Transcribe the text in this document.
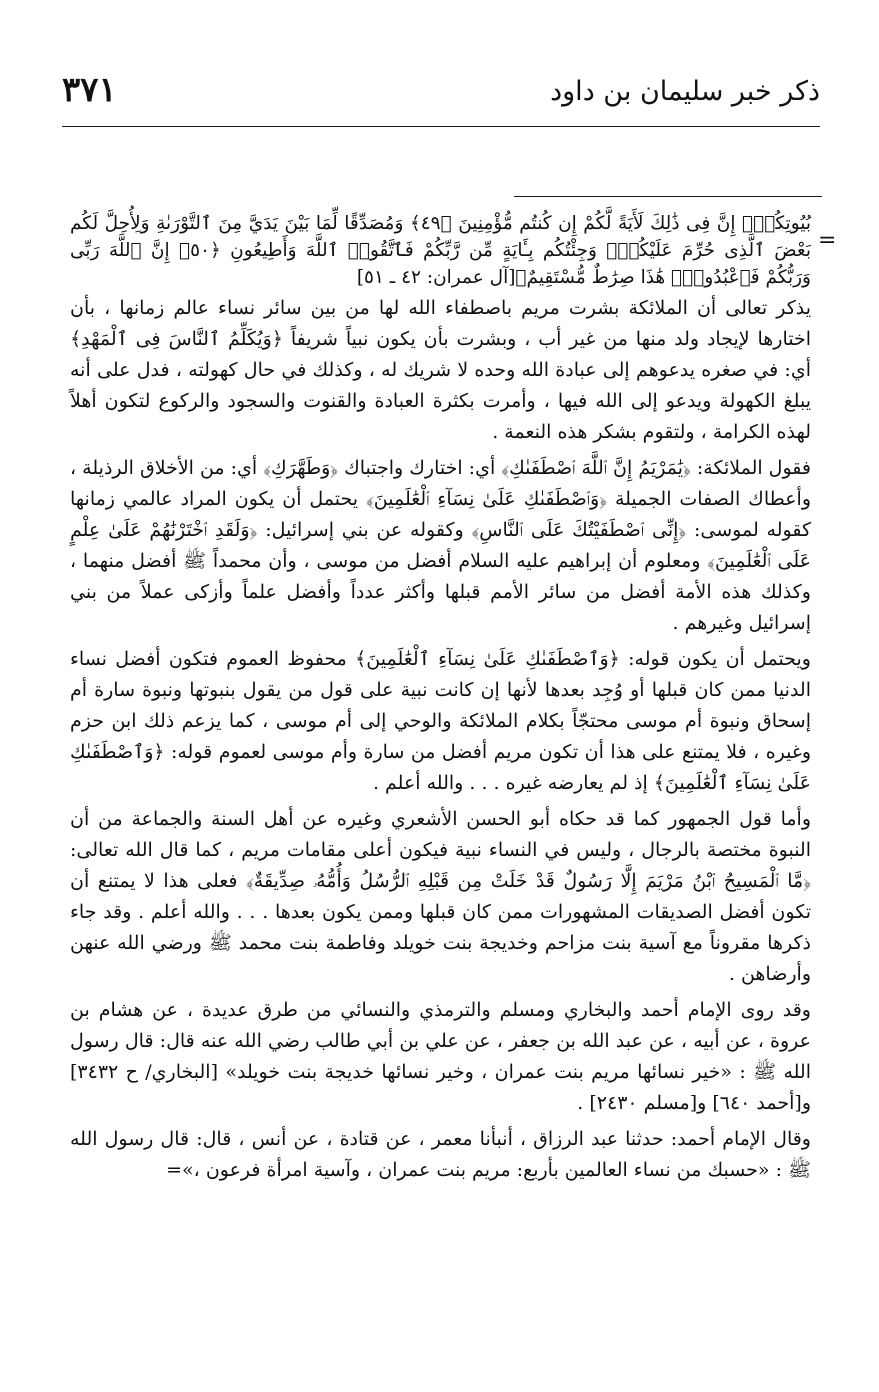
٣٧١	ذكر خبر سليمان بن داود
=

بُيُوتِكُمْۚ إِنَّ فِى ذَٰلِكَ لَأَيَةً لَّكُمْ إِن كُنتُم مُّؤْمِنِينَ ﴿٤٩﴾ وَمُصَدِّقًا لِّمَا بَيْنَ يَدَيَّ مِنَ ٱلتَّوْرَىٰةِ وَلِأُحِلَّ لَكُم بَعْضَ ٱلَّذِى حُرِّمَ عَلَيْكُمْۚ وَجِئْتُكُم بِـَٔايَةٍ مِّن رَّبِّكُمْ فَٱتَّقُوا۟ ٱللَّهَ وَأَطِيعُونِ ﴿٥٠﴾ إِنَّ ٱللَّهَ رَبِّى وَرَبُّكُمْ فَٱعْبُدُوهُۚ هَٰذَا صِرَٰطٌ مُّسْتَقِيمٌ﴾[آل عمران: ٤٢ ـ ٥١]

يذكر تعالى أن الملائكة بشرت مريم باصطفاء الله لها من بين سائر نساء عالم زمانها ، بأن اختارها لإيجاد ولد منها من غير أب ، وبشرت بأن يكون نبياً شريفاً ﴿وَيُكَلِّمُ ٱلنَّاسَ فِى ٱلْمَهْدِ﴾ أي: في صغره يدعوهم إلى عبادة الله وحده لا شريك له ، وكذلك في حال كهولته ، فدل على أنه يبلغ الكهولة ويدعو إلى الله فيها ، وأمرت بكثرة العبادة والقنوت والسجود والركوع لتكون أهلاً لهذه الكرامة ، ولتقوم بشكر هذه النعمة .

فقول الملائكة: ﴿يَٰمَرْيَمُ إِنَّ ٱللَّهَ ٱصْطَفَىٰكِ﴾ أي: اختارك واجتباك ﴿وَطَهَّرَكِ﴾ أي: من الأخلاق الرذيلة ، وأعطاك الصفات الجميلة ﴿وَٱصْطَفَىٰكِ عَلَىٰ نِسَآءِ ٱلْعَٰلَمِينَ﴾ يحتمل أن يكون المراد عالمي زمانها كقوله لموسى: ﴿إِنِّى ٱصْطَفَيْتُكَ عَلَى ٱلنَّاسِ﴾ وكقوله عن بني إسرائيل: ﴿وَلَقَدِ ٱخْتَرْنَٰهُمْ عَلَىٰ عِلْمٍ عَلَى ٱلْعَٰلَمِينَ﴾ ومعلوم أن إبراهيم عليه السلام أفضل من موسى ، وأن محمداً ﷺ أفضل منهما ، وكذلك هذه الأمة أفضل من سائر الأمم قبلها وأكثر عدداً وأفضل علماً وأزكى عملاً من بني إسرائيل وغيرهم .

ويحتمل أن يكون قوله: ﴿وَٱصْطَفَىٰكِ عَلَىٰ نِسَآءِ ٱلْعَٰلَمِينَ﴾ محفوظ العموم فتكون أفضل نساء الدنيا ممن كان قبلها أو وُجِد بعدها لأنها إن كانت نبية على قول من يقول بنبوتها ونبوة سارة أم إسحاق ونبوة أم موسى محتجّاً بكلام الملائكة والوحي إلى أم موسى ، كما يزعم ذلك ابن حزم وغيره ، فلا يمتنع على هذا أن تكون مريم أفضل من سارة وأم موسى لعموم قوله: ﴿وَٱصْطَفَىٰكِ عَلَىٰ نِسَآءِ ٱلْعَٰلَمِينَ﴾ إذ لم يعارضه غيره . . . والله أعلم .

وأما قول الجمهور كما قد حكاه أبو الحسن الأشعري وغيره عن أهل السنة والجماعة من أن النبوة مختصة بالرجال ، وليس في النساء نبية فيكون أعلى مقامات مريم ، كما قال الله تعالى: ﴿مَّا ٱلْمَسِيحُ ٱبْنُ مَرْيَمَ إِلَّا رَسُولٌ قَدْ خَلَتْ مِن قَبْلِهِ ٱلرُّسُلُ وَأُمُّهُۥ صِدِّيقَةٌ﴾ فعلى هذا لا يمتنع أن تكون أفضل الصديقات المشهورات ممن كان قبلها وممن يكون بعدها . . . والله أعلم . وقد جاء ذكرها مقروناً مع آسية بنت مزاحم وخديجة بنت خويلد وفاطمة بنت محمد ﷺ ورضي الله عنهن وأرضاهن .

وقد روى الإمام أحمد والبخاري ومسلم والترمذي والنسائي من طرق عديدة ، عن هشام بن عروة ، عن أبيه ، عن عبد الله بن جعفر ، عن علي بن أبي طالب رضي الله عنه قال: قال رسول الله ﷺ : «خير نسائها مريم بنت عمران ، وخير نسائها خديجة بنت خويلد» [البخاري/ ح ٣٤٣٢] و[أحمد ٦٤٠] و[مسلم ٢٤٣٠] .

وقال الإمام أحمد: حدثنا عبد الرزاق ، أنبأنا معمر ، عن قتادة ، عن أنس ، قال: قال رسول الله ﷺ : «حسبك من نساء العالمين بأربع: مريم بنت عمران ، وآسية امرأة فرعون ،»=
